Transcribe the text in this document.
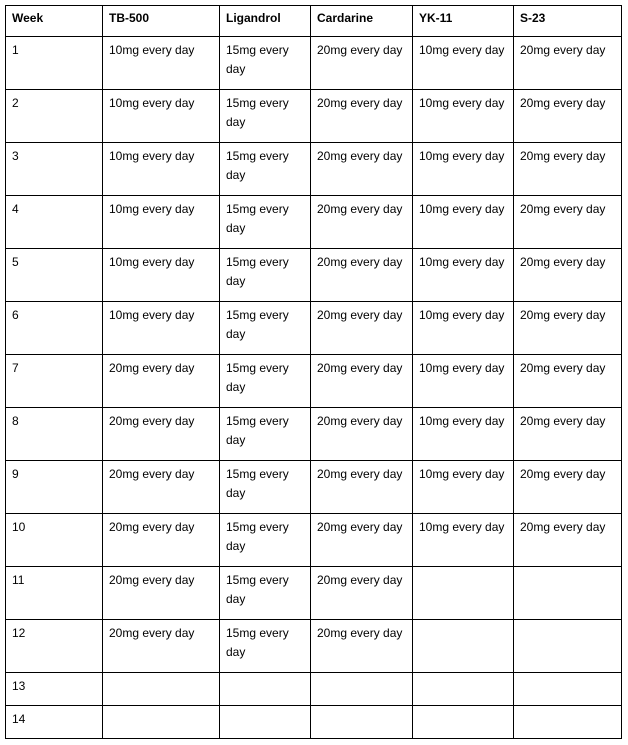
Week	TB-500	Ligandrol	Cardarine	YK-11	S-23
1	10mg every day	15mg every day	20mg every day	10mg every day	20mg every day
2	10mg every day	15mg every day	20mg every day	10mg every day	20mg every day
3	10mg every day	15mg every day	20mg every day	10mg every day	20mg every day
4	10mg every day	15mg every day	20mg every day	10mg every day	20mg every day
5	10mg every day	15mg every day	20mg every day	10mg every day	20mg every day
6	10mg every day	15mg every day	20mg every day	10mg every day	20mg every day
7	20mg every day	15mg every day	20mg every day	10mg every day	20mg every day
8	20mg every day	15mg every day	20mg every day	10mg every day	20mg every day
9	20mg every day	15mg every day	20mg every day	10mg every day	20mg every day
10	20mg every day	15mg every day	20mg every day	10mg every day	20mg every day
11	20mg every day	15mg every day	20mg every day		
12	20mg every day	15mg every day	20mg every day		
13					
14					
